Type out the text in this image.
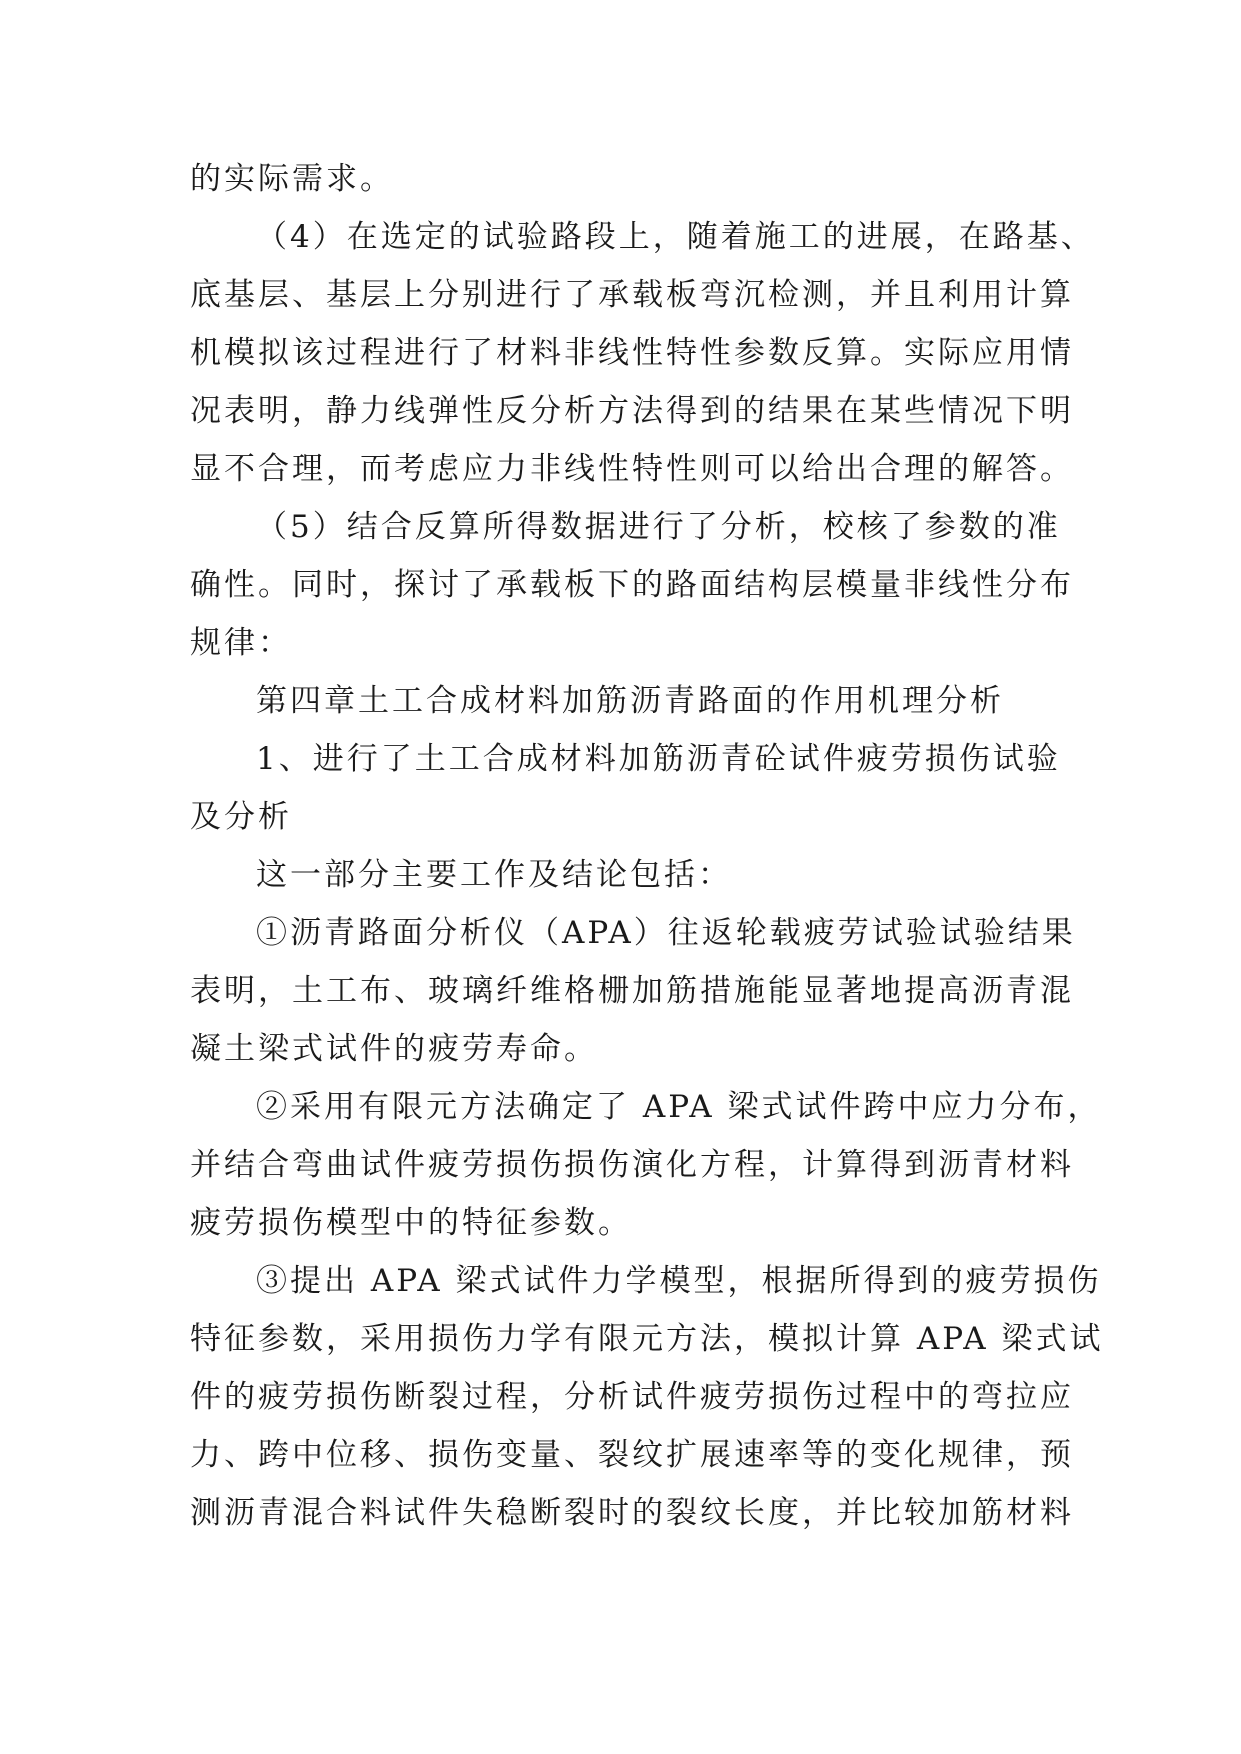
的实际需求。

（4）在选定的试验路段上，随着施工的进展，在路基、
底基层、基层上分别进行了承载板弯沉检测，并且利用计算
机模拟该过程进行了材料非线性特性参数反算。实际应用情
况表明，静力线弹性反分析方法得到的结果在某些情况下明
显不合理，而考虑应力非线性特性则可以给出合理的解答。

（5）结合反算所得数据进行了分析，校核了参数的准
确性。同时，探讨了承载板下的路面结构层模量非线性分布
规律：

第四章土工合成材料加筋沥青路面的作用机理分析

1、进行了土工合成材料加筋沥青砼试件疲劳损伤试验
及分析

这一部分主要工作及结论包括：

①沥青路面分析仪（APA）往返轮载疲劳试验试验结果
表明，土工布、玻璃纤维格栅加筋措施能显著地提高沥青混
凝土梁式试件的疲劳寿命。

②采用有限元方法确定了 APA 梁式试件跨中应力分布，
并结合弯曲试件疲劳损伤损伤演化方程，计算得到沥青材料
疲劳损伤模型中的特征参数。

③提出 APA 梁式试件力学模型，根据所得到的疲劳损伤
特征参数，采用损伤力学有限元方法，模拟计算 APA 梁式试
件的疲劳损伤断裂过程，分析试件疲劳损伤过程中的弯拉应
力、跨中位移、损伤变量、裂纹扩展速率等的变化规律，预
测沥青混合料试件失稳断裂时的裂纹长度，并比较加筋材料
